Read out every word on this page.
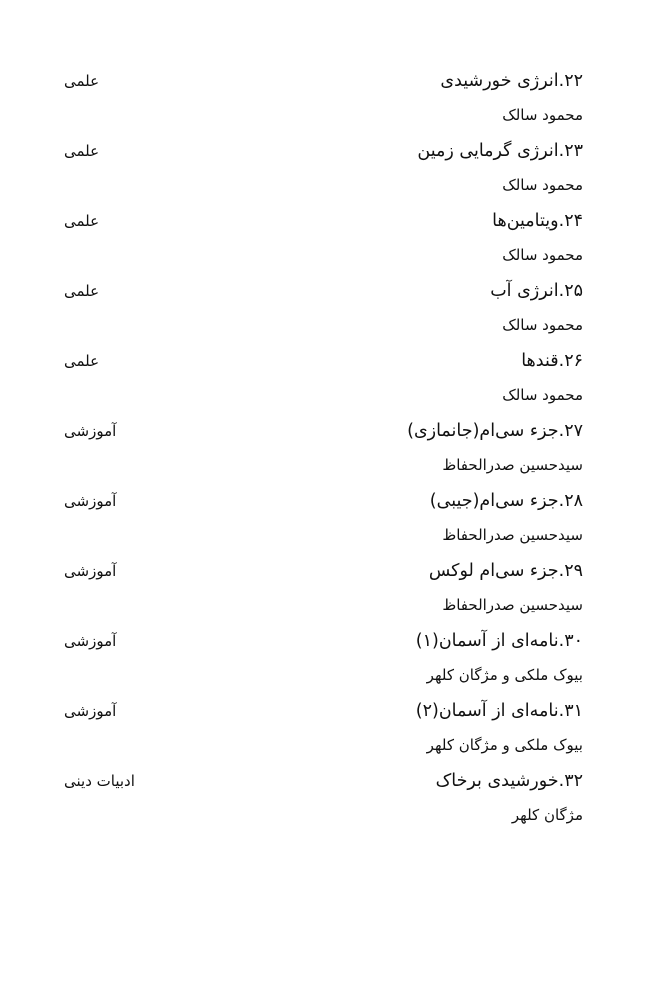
۲۲.انرژی خورشیدی
محمود سالک
علمی
۲۳.انرژی گرمایی زمین
محمود سالک
علمی
۲۴.ویتامین‌ها
محمود سالک
علمی
۲۵.انرژی آب
محمود سالک
علمی
۲۶.قندها
محمود سالک
علمی
۲۷.جزء سی‌ام(جانمازی)
سیدحسین صدرالحفاظ
آموزشی
۲۸.جزء سی‌ام(جیبی)
سیدحسین صدرالحفاظ
آموزشی
۲۹.جزء سی‌ام لوکس
سیدحسین صدرالحفاظ
آموزشی
۳۰.نامه‌ای از آسمان(۱)
بیوک ملکی و مژگان کلهر
آموزشی
۳۱.نامه‌ای از آسمان(۲)
بیوک ملکی و مژگان کلهر
آموزشی
۳۲.خورشیدی برخاک
مژگان کلهر
ادبیات دینی
